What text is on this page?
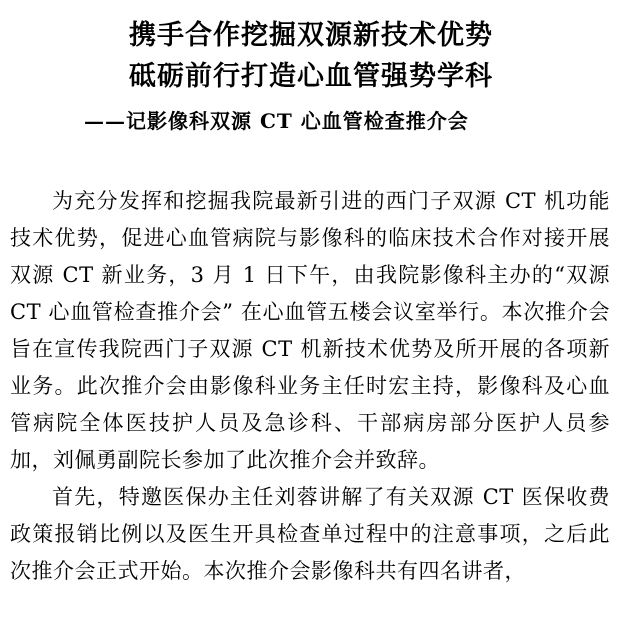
携手合作挖掘双源新技术优势
砥砺前行打造心血管强势学科
——记影像科双源 CT 心血管检查推介会

为充分发挥和挖掘我院最新引进的西门子双源 CT 机功能技术优势，促进心血管病院与影像科的临床技术合作对接开展双源 CT 新业务，3 月 1 日下午，由我院影像科主办的“双源 CT 心血管检查推介会” 在心血管五楼会议室举行。本次推介会旨在宣传我院西门子双源 CT 机新技术优势及所开展的各项新业务。此次推介会由影像科业务主任时宏主持，影像科及心血管病院全体医技护人员及急诊科、干部病房部分医护人员参加，刘佩勇副院长参加了此次推介会并致辞。

首先，特邀医保办主任刘蓉讲解了有关双源 CT 医保收费政策报销比例以及医生开具检查单过程中的注意事项，之后此次推介会正式开始。本次推介会影像科共有四名讲者，
